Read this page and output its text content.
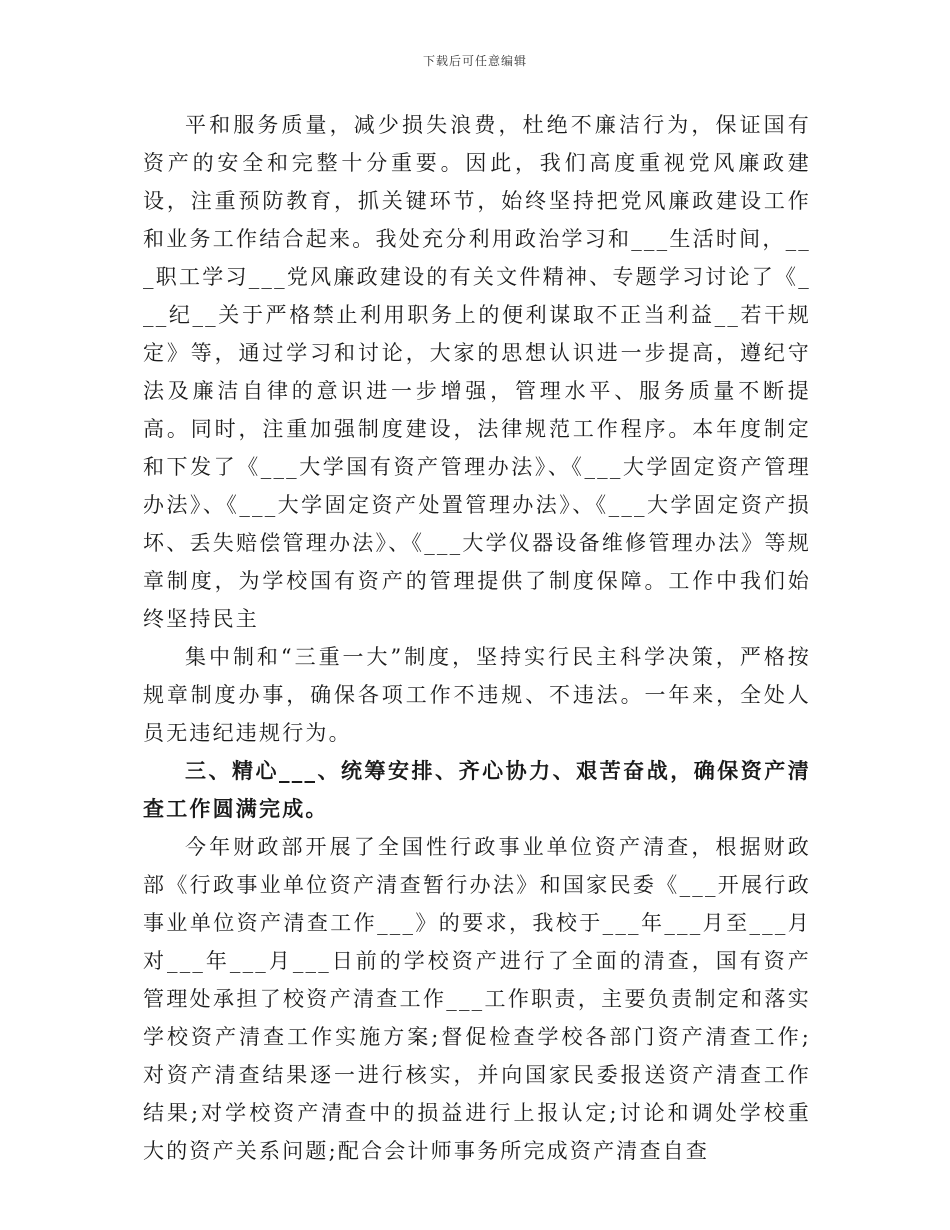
下载后可任意编辑

平和服务质量，减少损失浪费，杜绝不廉洁行为，保证国有资产的安全和完整十分重要。因此，我们高度重视党风廉政建设，注重预防教育，抓关键环节，始终坚持把党风廉政建设工作和业务工作结合起来。我处充分利用政治学习和___生活时间，___职工学习___党风廉政建设的有关文件精神、专题学习讨论了《___纪__关于严格禁止利用职务上的便利谋取不正当利益__若干规定》等，通过学习和讨论，大家的思想认识进一步提高，遵纪守法及廉洁自律的意识进一步增强，管理水平、服务质量不断提高。同时，注重加强制度建设，法律规范工作程序。本年度制定和下发了《___大学国有资产管理办法》、《___大学固定资产管理办法》、《___大学固定资产处置管理办法》、《___大学固定资产损坏、丢失赔偿管理办法》、《___大学仪器设备维修管理办法》等规章制度，为学校国有资产的管理提供了制度保障。工作中我们始终坚持民主

集中制和“三重一大”制度，坚持实行民主科学决策，严格按规章制度办事，确保各项工作不违规、不违法。一年来，全处人员无违纪违规行为。

三、精心___、统筹安排、齐心协力、艰苦奋战，确保资产清查工作圆满完成。

今年财政部开展了全国性行政事业单位资产清查，根据财政部《行政事业单位资产清查暂行办法》和国家民委《___开展行政事业单位资产清查工作___》的要求，我校于___年___月至___月对___年___月___日前的学校资产进行了全面的清查，国有资产管理处承担了校资产清查工作___工作职责，主要负责制定和落实学校资产清查工作实施方案;督促检查学校各部门资产清查工作;对资产清查结果逐一进行核实，并向国家民委报送资产清查工作结果;对学校资产清查中的损益进行上报认定;讨论和调处学校重大的资产关系问题;配合会计师事务所完成资产清查自查
